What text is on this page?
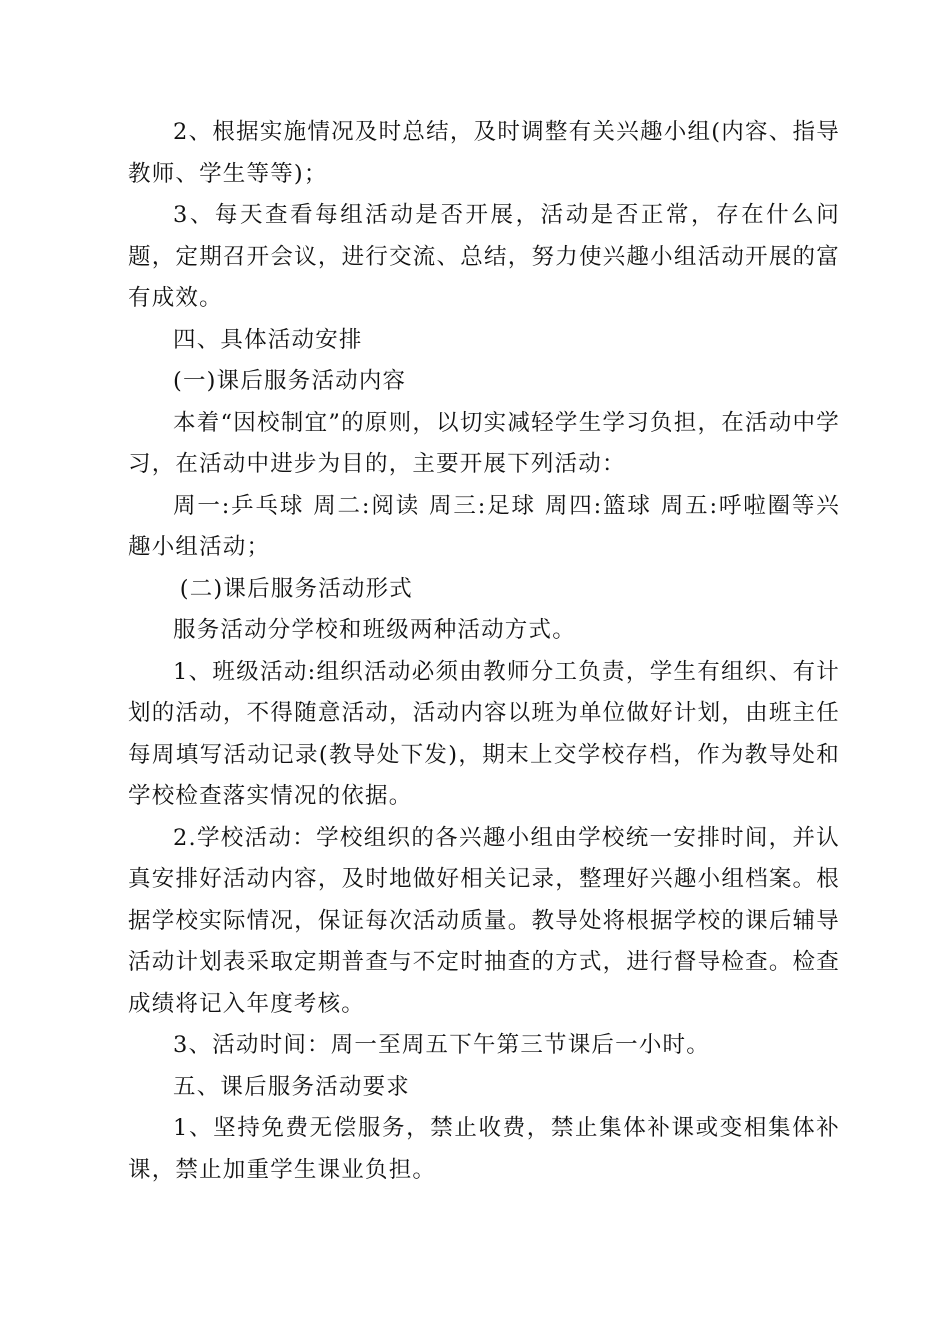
2、根据实施情况及时总结，及时调整有关兴趣小组(内容、指导教师、学生等等)；

3、每天查看每组活动是否开展，活动是否正常，存在什么问题，定期召开会议，进行交流、总结，努力使兴趣小组活动开展的富有成效。

四、具体活动安排

(一)课后服务活动内容

本着“因校制宜”的原则，以切实减轻学生学习负担，在活动中学习，在活动中进步为目的，主要开展下列活动：

周一:乒乓球 周二:阅读 周三:足球 周四:篮球 周五:呼啦圈等兴趣小组活动；

(二)课后服务活动形式

服务活动分学校和班级两种活动方式。

1、班级活动:组织活动必须由教师分工负责，学生有组织、有计划的活动，不得随意活动，活动内容以班为单位做好计划，由班主任每周填写活动记录(教导处下发)，期末上交学校存档，作为教导处和学校检查落实情况的依据。

2.学校活动：学校组织的各兴趣小组由学校统一安排时间，并认真安排好活动内容，及时地做好相关记录，整理好兴趣小组档案。根据学校实际情况，保证每次活动质量。教导处将根据学校的课后辅导活动计划表采取定期普查与不定时抽查的方式，进行督导检查。检查成绩将记入年度考核。

3、活动时间：周一至周五下午第三节课后一小时。

五、课后服务活动要求

1、坚持免费无偿服务，禁止收费，禁止集体补课或变相集体补课，禁止加重学生课业负担。
